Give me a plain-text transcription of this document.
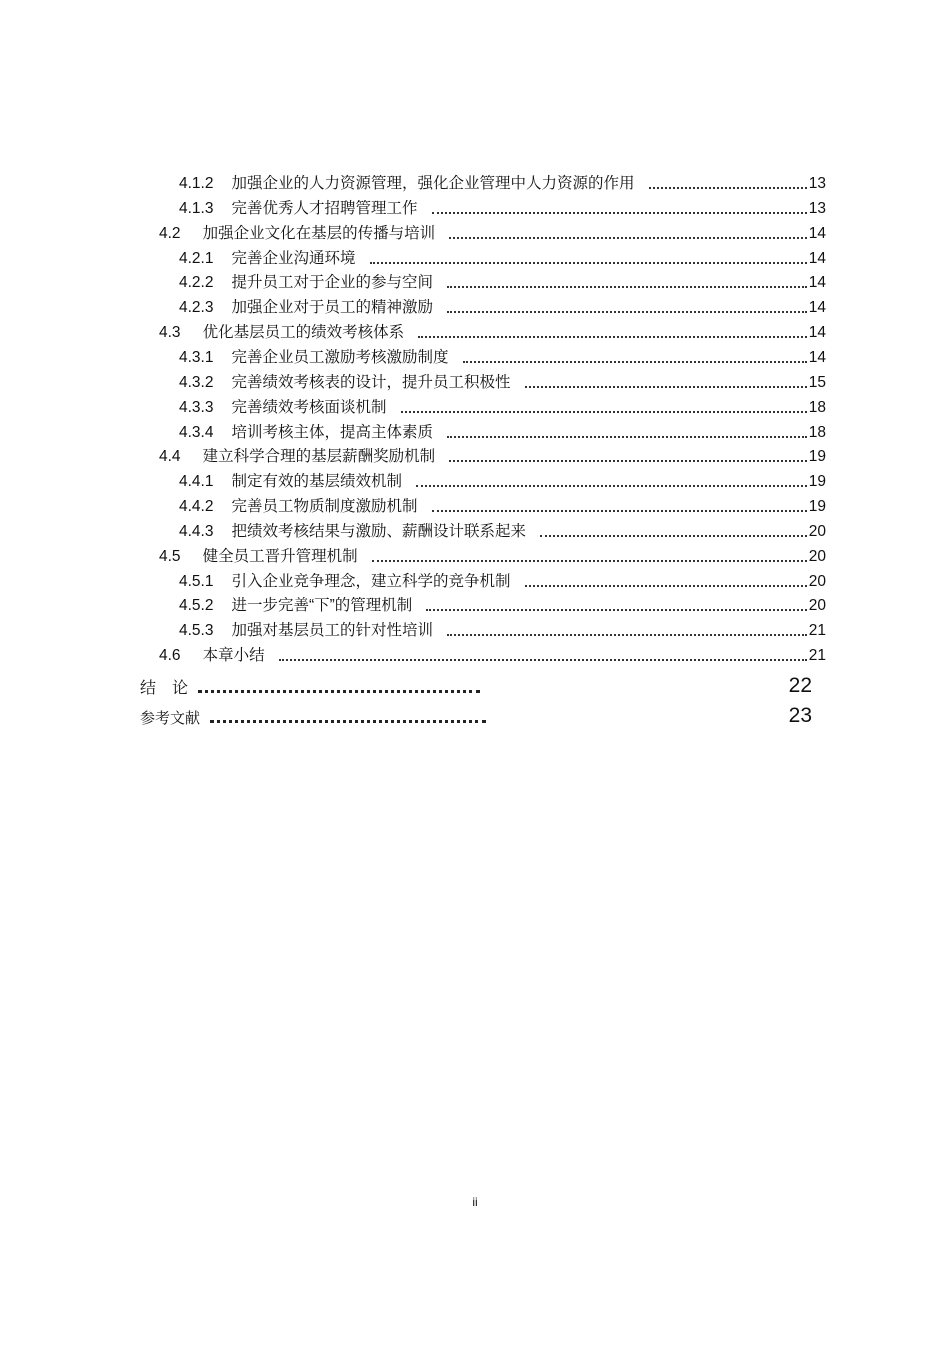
4.1.2 加强企业的人力资源管理，强化企业管理中人力资源的作用	13
4.1.3 完善优秀人才招聘管理工作	13
4.2 加强企业文化在基层的传播与培训	14
4.2.1 完善企业沟通环境	14
4.2.2 提升员工对于企业的参与空间	14
4.2.3 加强企业对于员工的精神激励	14
4.3 优化基层员工的绩效考核体系	14
4.3.1 完善企业员工激励考核激励制度	14
4.3.2 完善绩效考核表的设计，提升员工积极性	15
4.3.3 完善绩效考核面谈机制	18
4.3.4 培训考核主体，提高主体素质	18
4.4 建立科学合理的基层薪酬奖励机制	19
4.4.1 制定有效的基层绩效机制	19
4.4.2 完善员工物质制度激励机制	19
4.4.3 把绩效考核结果与激励、薪酬设计联系起来	20
4.5 健全员工晋升管理机制	20
4.5.1 引入企业竞争理念，建立科学的竞争机制	20
4.5.2 进一步完善“下”的管理机制	20
4.5.3 加强对基层员工的针对性培训	21
4.6 本章小结	21
结　论	22
参考文献	23
ii
